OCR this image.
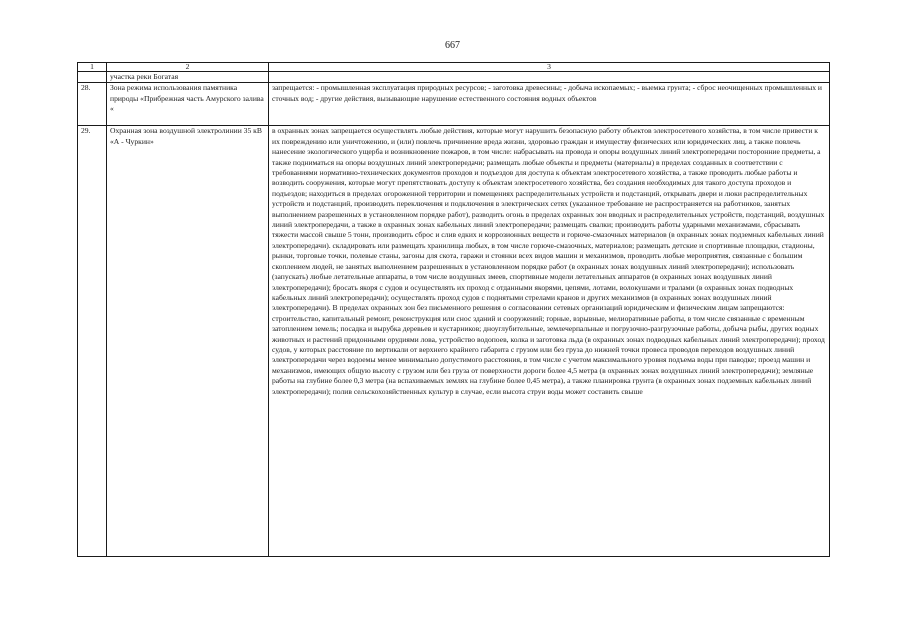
667
1	2	3
	участка реки Богатая	
28.	Зона режима использования памятника природы «Прибрежная часть Амурского залива «	запрещается: - промышленная эксплуатация природных ресурсов; - заготовка древесины; - добыча ископаемых; - выемка грунта; - сброс неочищенных промышленных и сточных вод; - другие действия, вызывающие нарушение естественного состояния водных объектов
29.	Охранная зона воздушной электролинии 35 кВ «А - Чуркин»	в охранных зонах запрещается осуществлять любые действия, которые могут нарушить безопасную работу объектов электросетевого хозяйства, в том числе привести к их повреждению или уничтожению, и (или) повлечь причинение вреда жизни, здоровью граждан и имуществу физических или юридических лиц, а также повлечь нанесение экологического ущерба и возникновение пожаров, в том числе: набрасывать на провода и опоры воздушных линий электропередачи посторонние предметы, а также подниматься на опоры воздушных линий электропередачи; размещать любые объекты и предметы (материалы) в пределах созданных в соответствии с требованиями нормативно-технических документов проходов и подъездов для доступа к объектам электросетевого хозяйства, а также проводить любые работы и возводить сооружения, которые могут препятствовать доступу к объектам электросетевого хозяйства, без создания необходимых для такого доступа проходов и подъездов; находиться в пределах огороженной территории и помещениях распределительных устройств и подстанций, открывать двери и люки распределительных устройств и подстанций, производить переключения и подключения в электрических сетях (указанное требование не распространяется на работников, занятых выполнением разрешенных в установленном порядке работ), разводить огонь в пределах охранных зон вводных и распределительных устройств, подстанций, воздушных линий электропередачи, а также в охранных зонах кабельных линий электропередачи; размещать свалки; производить работы ударными механизмами, сбрасывать тяжести массой свыше 5 тонн, производить сброс и слив едких и коррозионных веществ и горюче-смазочных материалов (в охранных зонах подземных кабельных линий электропередачи). складировать или размещать хранилища любых, в том числе горюче-смазочных, материалов; размещать детские и спортивные площадки, стадионы, рынки, торговые точки, полевые станы, загоны для скота, гаражи и стоянки всех видов машин и механизмов, проводить любые мероприятия, связанные с большим скоплением людей, не занятых выполнением разрешенных в установленном порядке работ (в охранных зонах воздушных линий электропередачи); использовать (запускать) любые летательные аппараты, в том числе воздушных змеев, спортивные модели летательных аппаратов (в охранных зонах воздушных линий электропередачи); бросать якоря с судов и осуществлять их проход с отданными якорями, цепями, лотами, волокушами и тралами (в охранных зонах подводных кабельных линий электропередачи); осуществлять проход судов с поднятыми стрелами кранов и других механизмов (в охранных зонах воздушных линий электропередачи). В пределах охранных зон без письменного решения о согласовании сетевых организаций юридическим и физическим лицам запрещаются: строительство, капитальный ремонт, реконструкция или снос зданий и сооружений; горные, взрывные, мелиоративные работы, в том числе связанные с временным затоплением земель; посадка и вырубка деревьев и кустарников; дноуглубительные, землечерпальные и погрузочно-разгрузочные работы, добыча рыбы, других водных животных и растений придонными орудиями лова, устройство водопоев, колка и заготовка льда (в охранных зонах подводных кабельных линий электропередачи); проход судов, у которых расстояние по вертикали от верхнего крайнего габарита с грузом или без груза до нижней точки провеса проводов переходов воздушных линий электропередачи через водоемы менее минимально допустимого расстояния, в том числе с учетом максимального уровня подъема воды при паводке; проезд машин и механизмов, имеющих общую высоту с грузом или без груза от поверхности дороги более 4,5 метра (в охранных зонах воздушных линий электропередачи); земляные работы на глубине более 0,3 метра (на вспахиваемых землях на глубине более 0,45 метра), а также планировка грунта (в охранных зонах подземных кабельных линий электропередачи); полив сельскохозяйственных культур в случае, если высота струи воды может составить свыше
